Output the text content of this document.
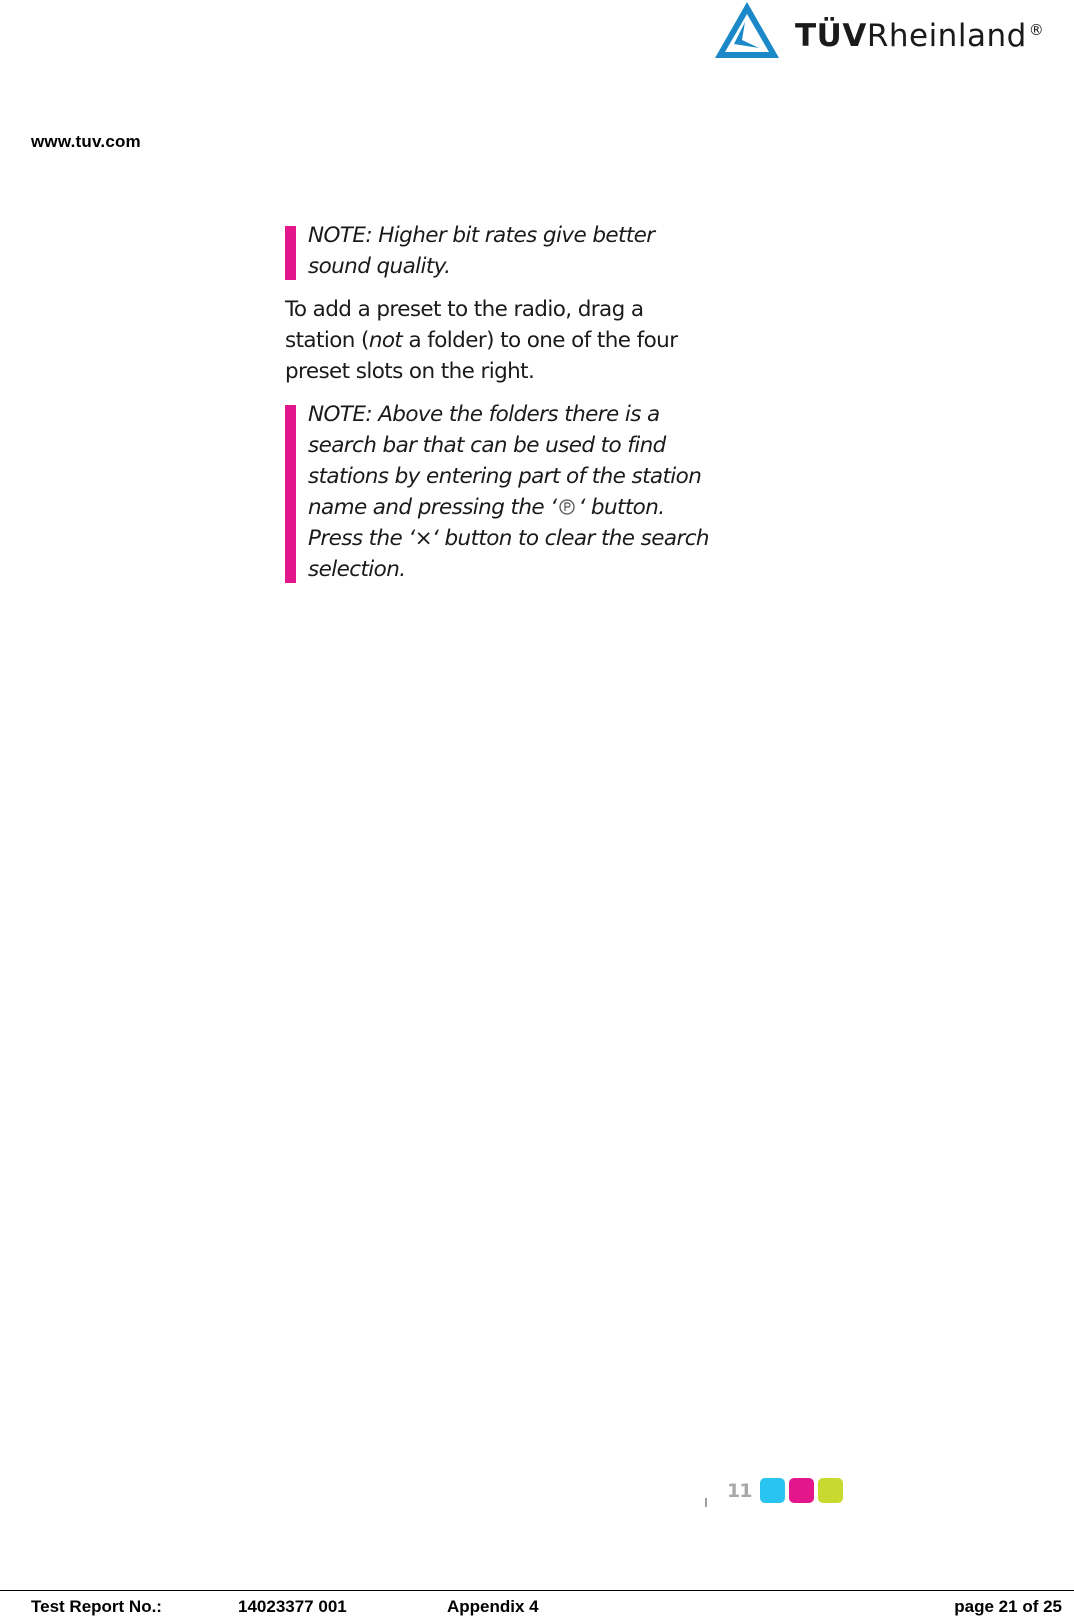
TÜVRheinland ®
www.tuv.com

NOTE: Higher bit rates give better

sound quality.

To add a preset to the radio, drag a

station (not a folder) to one of the four

preset slots on the right.

NOTE: Above the folders there is a

search bar that can be used to find

stations by entering part of the station

name and pressing the ‘ ‘ button.

Press the ‘×‘ button to clear the search

selection.

11
Test Report No.:	14023377 001	Appendix 4	page 21 of 25
